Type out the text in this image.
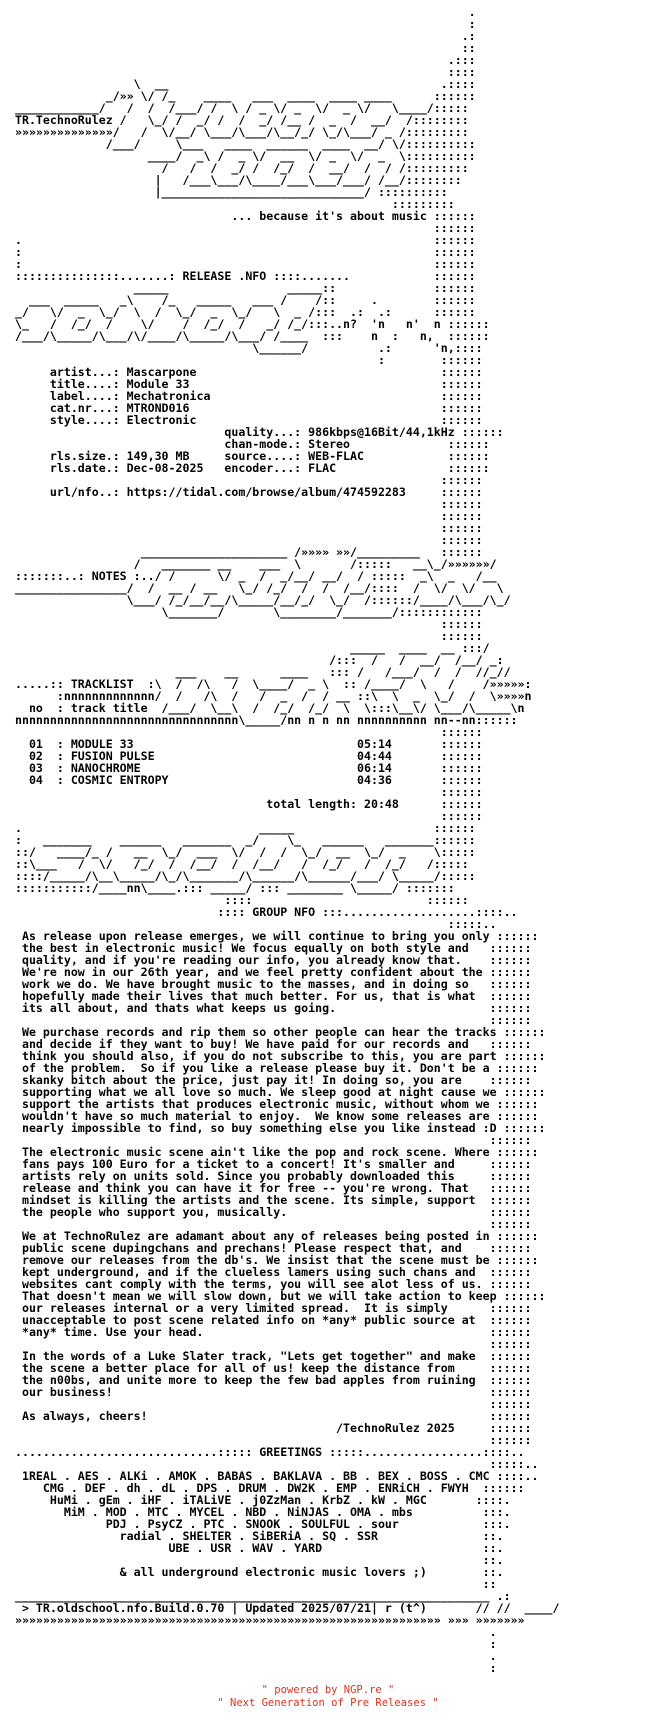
.
:
.:
::
.:::
::::
\  __                                       .::::
_/»» \/ /_    ____   ___  ____  ____ ____      ::::::
____________/   /  /  /___/ /  \ / _ \/ _  \/  _ \/   \____/:::::
TR.TechnoRulez /   \_/ /  _/ /  /  _/ /__ /  _  /  __/  /::::::::
»»»»»»»»»»»»»»/   /  \/__/ \___/\___/\__/_/ \_/\___/ _ /:::::::::
/___/     \___   ____  ______  ____  __/ \/::::::::::
____/  _\ /  _ \/  __  \/ _  \/  _  \::::::::::
/   /  /  _/ /  /_/  /  __/  /  / /:::::::::
|   /___\___/\____/___\___/___/ /__/::::::::
|_____________________________/ ::::::::::
:::::::::
... because it's about music ::::::
::::::
.                                                           ::::::
:                                                           ::::::
:                                                           ::::::
:::::::::::::::.......: RELEASE .NFO ::::.......            ::::::
_____                 _____::              ::::::
___  _____   _\    /_   _____   ___ /    /::     .        ::::::
_/   \/  _  \_/  \  /  \_/  _  \_/   \  _ /:::  .:  .:      ::::::
\_   /  /_/  /    \/    /  /_/  /   _/ /_/:::..n?  'n   n'  n ::::::
/___/\_____/\___/\/____/\_____/\___/ /____  :::    n  :   n,  ::::::
\______/          .:      'n,::::
:        ::::::
artist...: Mascarpone                                   ::::::
title....: Module 33                                    ::::::
label....: Mechatronica                                 ::::::
cat.nr...: MTROND016                                    ::::::
style....: Electronic                                   ::::::
quality...: 986kbps@16Bit/44,1kHz ::::::
chan-mode.: Stereo              ::::::
rls.size.: 149,30 MB     source....: WEB-FLAC            ::::::
rls.date.: Dec-08-2025   encoder...: FLAC                ::::::
::::::
url/nfo..: https://tidal.com/browse/album/474592283     ::::::
::::::
::::::
::::::
::::::
_____________________ /»»»» »»/_________   ::::::
/   _______ __    ___  \       /:::::   __\_/»»»»»»/
:::::::..: NOTES :../ /      \/ _  /  _/__/ __/  / :::::  _\  _   /__
________________/  /  __ / __   \_/ /_/  /  /  /__/::::  /  \/  \/   \
\___/ /_/__/__/\_____/__/_/  \_/  /::::::/____/\___/\_/
\_______/       \________/_______/::::::::::::
::::::
::::::
_____  ____  __ :::/
/:::  /   /  __/  /__/ _:
___    __      ____   ::: /   /___/  /  /  //_//
.....:: TRACKLIST  :\  /  /\   /  \____/  _ \  :: /____/  \   /    /»»»»»:
:nnnnnnnnnnnnn/  /   /\  /   /  _  /  / __ ::\  \  _  \_/  /  \»»»»n
no  : track title  /___/  \__\  /  /_/  /_/  \  \:::\__\/ \___/\_____\n
nnnnnnnnnnnnnnnnnnnnnnnnnnnnnnnn\_____/nn n n nn nnnnnnnnnn nn--nn::::::
::::::
01  : MODULE 33                                05:14       ::::::
02  : FUSION PULSE                             04:44       ::::::
03  : NANOCHROME                               06:14       ::::::
04  : COSMIC ENTROPY                           04:36       ::::::
::::::
total length: 20:48      ::::::
::::::
.                                  _____                    ::::::
:   _______    ______   _______  _/    \_   ______   _______::::::
::/   ____/_ /   __  \_/  ___  \/  /  /  \_/  __  \_/  _    \:::::
::\___   /  \/   /_/  /  /__/  /  /__/   /  /_/   /  /_/   /:::::
::::/_____/\__\_____/\_/\_______/\______/\______/___/ \_____/:::::
:::::::::::/____nn\____.::: _____/ ::: ________ \_____/ :::::::
::::                         ::::::
:::: GROUP NFO :::...................::::..
:::::..
As release upon release emerges, we will continue to bring you only ::::::
the best in electronic music! We focus equally on both style and   ::::::
quality, and if you're reading our info, you already know that.    ::::::
We're now in our 26th year, and we feel pretty confident about the ::::::
work we do. We have brought music to the masses, and in doing so   ::::::
hopefully made their lives that much better. For us, that is what  ::::::
its all about, and thats what keeps us going.                      ::::::
::::::
We purchase records and rip them so other people can hear the tracks ::::::
and decide if they want to buy! We have paid for our records and   ::::::
think you should also, if you do not subscribe to this, you are part ::::::
of the problem.  So if you like a release please buy it. Don't be a ::::::
skanky bitch about the price, just pay it! In doing so, you are    ::::::
supporting what we all love so much. We sleep good at night cause we ::::::
support the artists that produces electronic music, without whom we ::::::
wouldn't have so much material to enjoy.  We know some releases are ::::::
nearly impossible to find, so buy something else you like instead :D ::::::
::::::
The electronic music scene ain't like the pop and rock scene. Where ::::::
fans pays 100 Euro for a ticket to a concert! It's smaller and     ::::::
artists rely on units sold. Since you probably downloaded this     ::::::
release and think you can have it for free -- you're wrong. That   ::::::
mindset is killing the artists and the scene. Its simple, support  ::::::
the people who support you, musically.                             ::::::
::::::
We at TechnoRulez are adamant about any of releases being posted in ::::::
public scene dupingchans and prechans! Please respect that, and    ::::::
remove our releases from the db's. We insist that the scene must be ::::::
kept underground, and if the clueless lamers using such chans and  ::::::
websites cant comply with the terms, you will see alot less of us. ::::::
That doesn't mean we will slow down, but we will take action to keep ::::::
our releases internal or a very limited spread.  It is simply      ::::::
unacceptable to post scene related info on *any* public source at  ::::::
*any* time. Use your head.                                         ::::::
::::::
In the words of a Luke Slater track, "Lets get together" and make  ::::::
the scene a better place for all of us! keep the distance from     ::::::
the n00bs, and unite more to keep the few bad apples from ruining  ::::::
our business!                                                      ::::::
::::::
As always, cheers!                                                 ::::::
/TechnoRulez 2025     ::::::
::::::
.............................::::: GREETINGS :::::.................::::..
:::::..
1REAL . AES . ALKi . AMOK . BABAS . BAKLAVA . BB . BEX . BOSS . CMC ::::..
CMG . DEF . dh . dL . DPS . DRUM . DW2K . EMP . ENRiCH . FWYH  ::::::
HuMi . gEm . iHF . iTALiVE . j0ZzMan . KrbZ . kW . MGC       ::::.
MiM . MOD . MTC . MYCEL . NBD . NiNJAS . OMA . mbs          :::.
PDJ . PsyCZ . PTC . SNOOK . SOULFUL . sour            :::.
radial . SHELTER . SiBERiA . SQ . SSR               ::.
UBE . USR . WAV . YARD                       ::.
::.
& all underground electronic music lovers ;)        ::.
::
____________________________________________________________________ .:
> TR.oldschool.nfo.Build.0.70 | Updated 2025/07/21| r (t^)       // //  ____/
»»»»»»»»»»»»»»»»»»»»»»»»»»»»»»»»»»»»»»»»»»»»»»»»»»»»»»»»»»»»» »»» »»»»»»»
.
:
.
:
" powered by NGP.re "
" Next Generation of Pre Releases "
